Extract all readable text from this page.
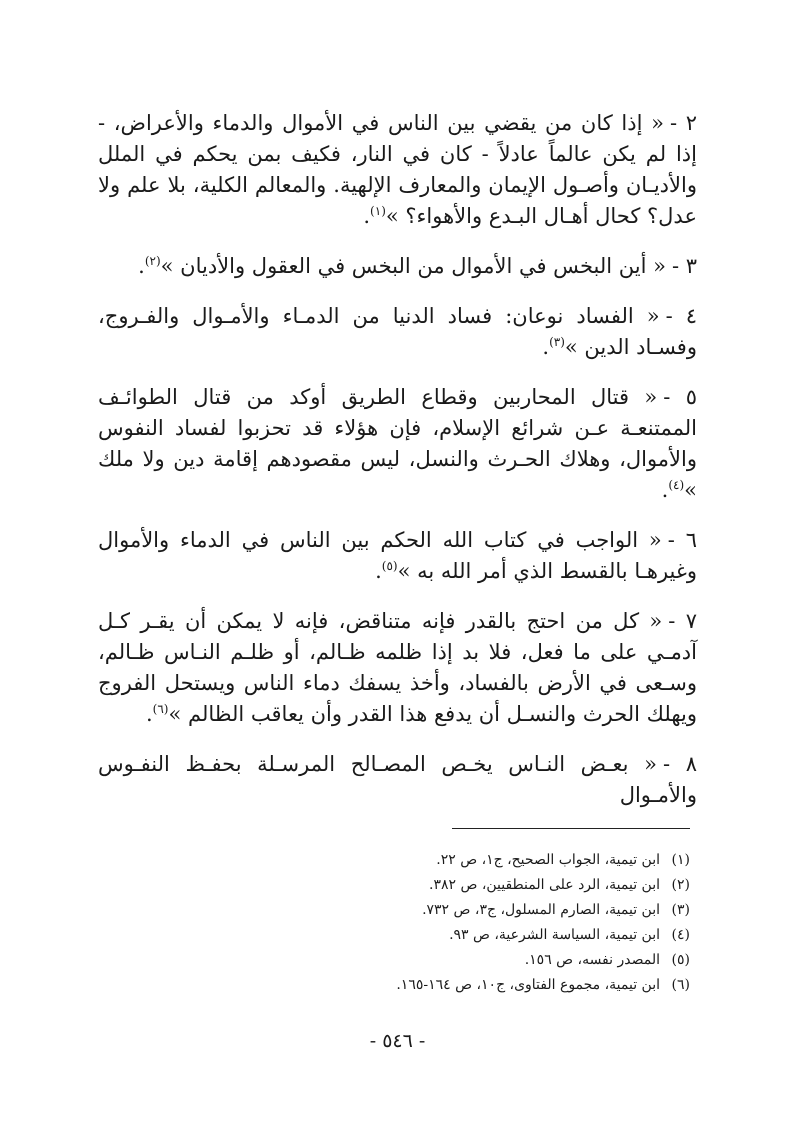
٢ -« إذا كان من يقضي بين الناس في الأموال والدماء والأعراض، - إذا لم يكن عالماً عادلاً - كان في النار، فكيف بمن يحكم في الملل والأديـان وأصـول الإيمان والمعارف الإلهية. والمعالم الكلية، بلا علم ولا عدل؟ كحال أهـال البـدع والأهواء؟ »$^{(١)}$.

٣ -« أين البخس في الأموال من البخس في العقول والأديان »$^{(٢)}$.

٤ -« الفساد نوعان: فساد الدنيا من الدمـاء والأمـوال والفـروج، وفسـاد الدين »$^{(٣)}$.

٥ -« قتال المحاربين وقطاع الطريق أوكد من قتال الطوائـف الممتنعـة عـن شرائع الإسلام، فإن هؤلاء قد تحزبوا لفساد النفوس والأموال، وهلاك الحـرث والنسل، ليس مقصودهم إقامة دين ولا ملك »$^{(٤)}$.

٦ -« الواجب في كتاب الله الحكم بين الناس في الدماء والأموال وغيرهـا بالقسط الذي أمر الله به »$^{(٥)}$.

٧ -« كل من احتج بالقدر فإنه متناقض، فإنه لا يمكن أن يقـر كـل آدمـي على ما فعل، فلا بد إذا ظلمه ظـالم، أو ظلـم النـاس ظـالم، وسـعى في الأرض بالفساد، وأخذ يسفك دماء الناس ويستحل الفروج ويهلك الحرث والنسـل أن يدفع هذا القدر وأن يعاقب الظالم »$^{(٦)}$.

٨ -« بعـض النـاس يخـص المصـالح المرسـلة بحفـظ النفـوس والأمـوال

(١)ابن تيمية، الجواب الصحيح، ج١، ص ٢٢.
(٢)ابن تيمية، الرد على المنطقيين، ص ٣٨٢.
(٣)ابن تيمية، الصارم المسلول، ج٣، ص ٧٣٢.
(٤)ابن تيمية، السياسة الشرعية، ص ٩٣.
(٥)المصدر نفسه، ص ١٥٦.
(٦)ابن تيمية، مجموع الفتاوى، ج١٠، ص ١٦٤-١٦٥.
- ٥٤٦ -
